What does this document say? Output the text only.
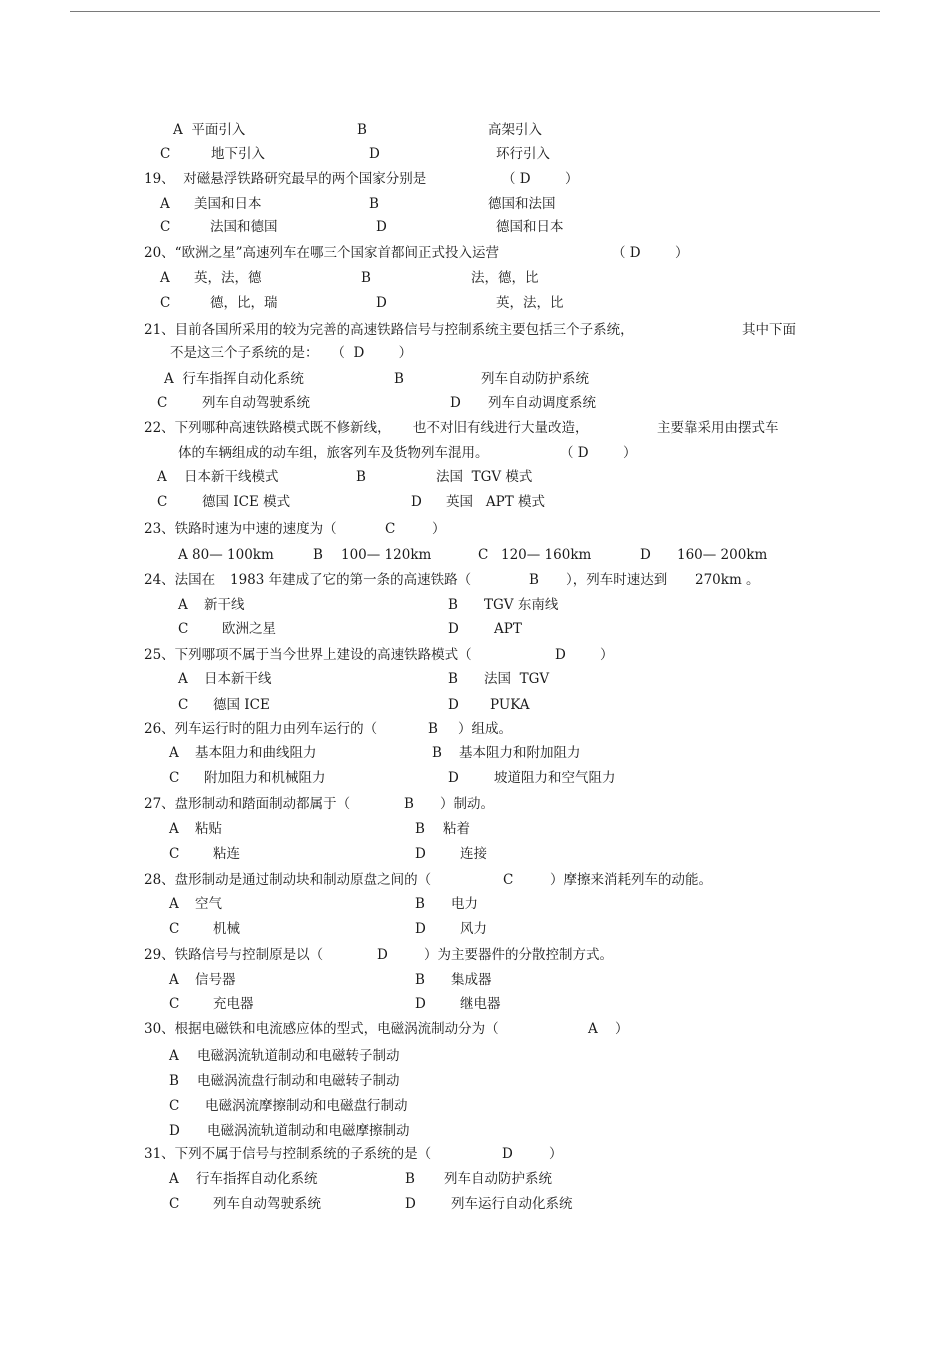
A  平面引入	B	高架引入
C	地下引入	D	环行引入
19、  对磁悬浮铁路研究最早的两个国家分别是	（ D        ）
A 美国和日本	B	德国和法国
C	法国和德国	D	德国和日本
20、“欧洲之星”高速列车在哪三个国家首都间正式投入运营	（ D        ）
A 英，法，德	B	法，德，比
C	德，比，瑞	D	英，法，比
21、目前各国所采用的较为完善的高速铁路信号与控制系统主要包括三个子系统，	其中下面
不是这三个子系统的是：   （  D        ）
A  行车指挥自动化系统	B	列车自动防护系统
C	列车自动驾驶系统	D 列车自动调度系统
22、下列哪种高速铁路模式既不修新线， 也不对旧有线进行大量改造，	主要靠采用由摆式车
体的车辆组成的动车组，旅客列车及货物列车混用。	（ D        ）
A 日本新干线模式	B	法国  TGV 模式
C	德国 ICE 模式	D 英国   APT 模式
23、铁路时速为中速的速度为（	C	）
A 80— 100km	B 100— 120km	C 120— 160km	D 160— 200km
24、法国在 1983 年建成了它的第一条的高速铁路（	B ），列车时速达到 270km 。
A 新干线	B TGV 东南线
C 欧洲之星	D	APT
25、下列哪项不属于当今世界上建设的高速铁路模式（	D	）
A 日本新干线	B 法国  TGV
C 德国 ICE	D PUKA
26、列车运行时的阻力由列车运行的（	B ）组成。
A 基本阻力和曲线阻力	B 基本阻力和附加阻力
C 附加阻力和机械阻力	D	坡道阻力和空气阻力
27、盘形制动和踏面制动都属于（	B ）制动。
A 粘贴	B 粘着
C 粘连	D	连接
28、盘形制动是通过制动块和制动原盘之间的（	C	）摩擦来消耗列车的动能。
A 空气	B 电力
C 机械	D	风力
29、铁路信号与控制原是以（	D	）为主要器件的分散控制方式。
A 信号器	B 集成器
C 充电器	D	继电器
30、根据电磁铁和电流感应体的型式，电磁涡流制动分为（	A ）
A 电磁涡流轨道制动和电磁转子制动
B 电磁涡流盘行制动和电磁转子制动
C 电磁涡流摩擦制动和电磁盘行制动
D 电磁涡流轨道制动和电磁摩擦制动
31、下列不属于信号与控制系统的子系统的是（	D	）
A 行车指挥自动化系统	B 列车自动防护系统
C 列车自动驾驶系统	D	列车运行自动化系统
